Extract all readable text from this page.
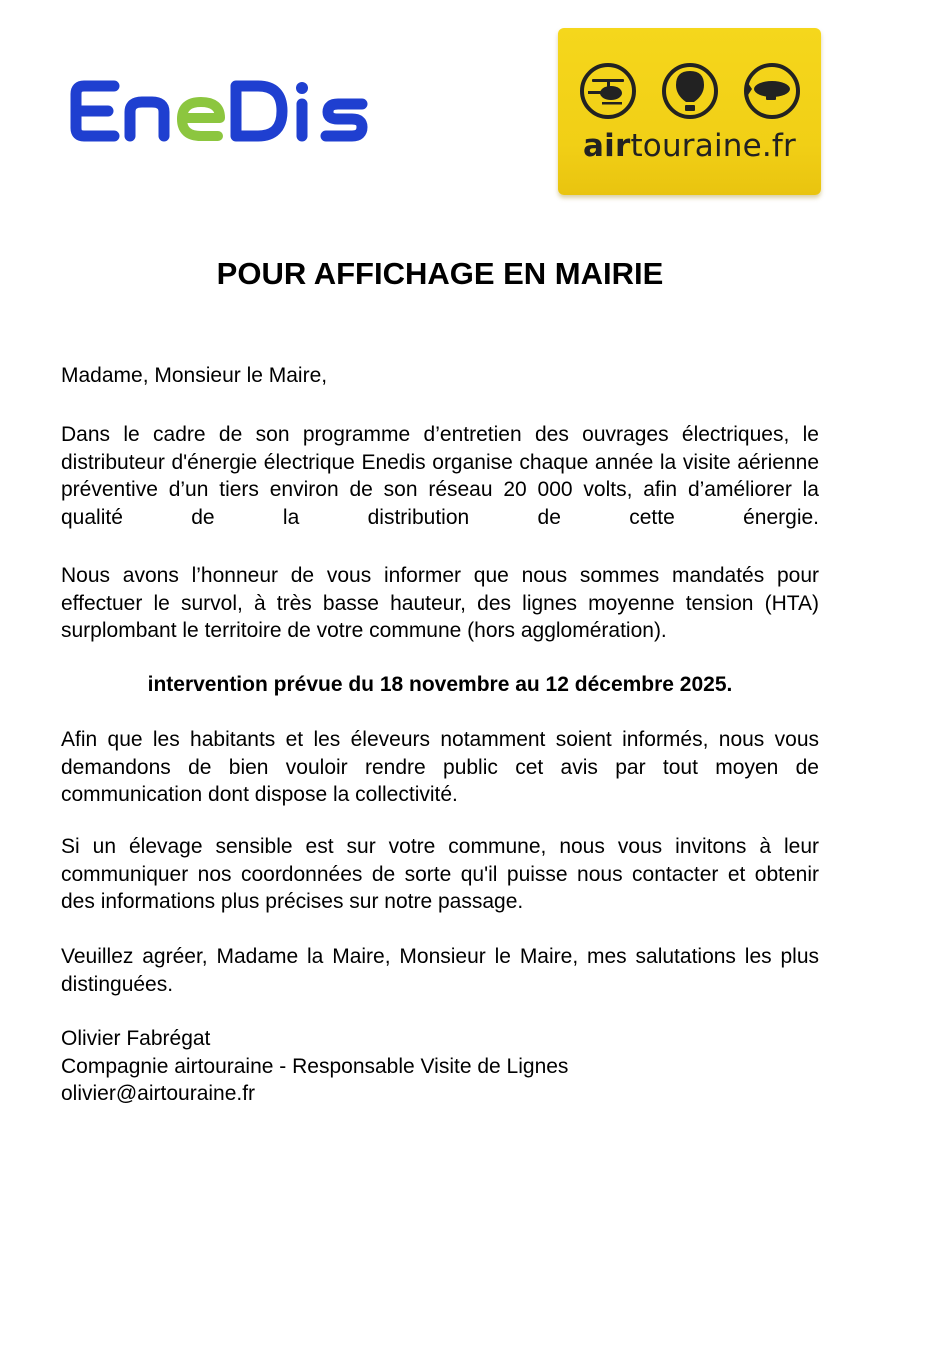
airtouraine.fr
POUR AFFICHAGE EN MAIRIE

Madame, Monsieur le Maire,

Dans le cadre de son programme d’entretien des ouvrages électriques, le distributeur d'énergie électrique Enedis organise chaque année la visite aérienne préventive d’un tiers environ de son réseau 20 000 volts, afin d’améliorer la qualité de la distribution de cette énergie.

Nous avons l’honneur de vous informer que nous sommes mandatés pour effectuer le survol, à très basse hauteur, des lignes moyenne tension (HTA) surplombant le territoire de votre commune (hors agglomération).

intervention prévue du 18 novembre au 12 décembre 2025.

Afin que les habitants et les éleveurs notamment soient informés, nous vous demandons de bien vouloir rendre public cet avis par tout moyen de communication dont dispose la collectivité.

Si un élevage sensible est sur votre commune, nous vous invitons à leur communiquer nos coordonnées de sorte qu'il puisse nous contacter et obtenir des informations plus précises sur notre passage.

Veuillez agréer, Madame la Maire, Monsieur le Maire, mes salutations les plus distinguées.

Olivier Fabrégat
Compagnie airtouraine - Responsable Visite de Lignes
olivier@airtouraine.fr
